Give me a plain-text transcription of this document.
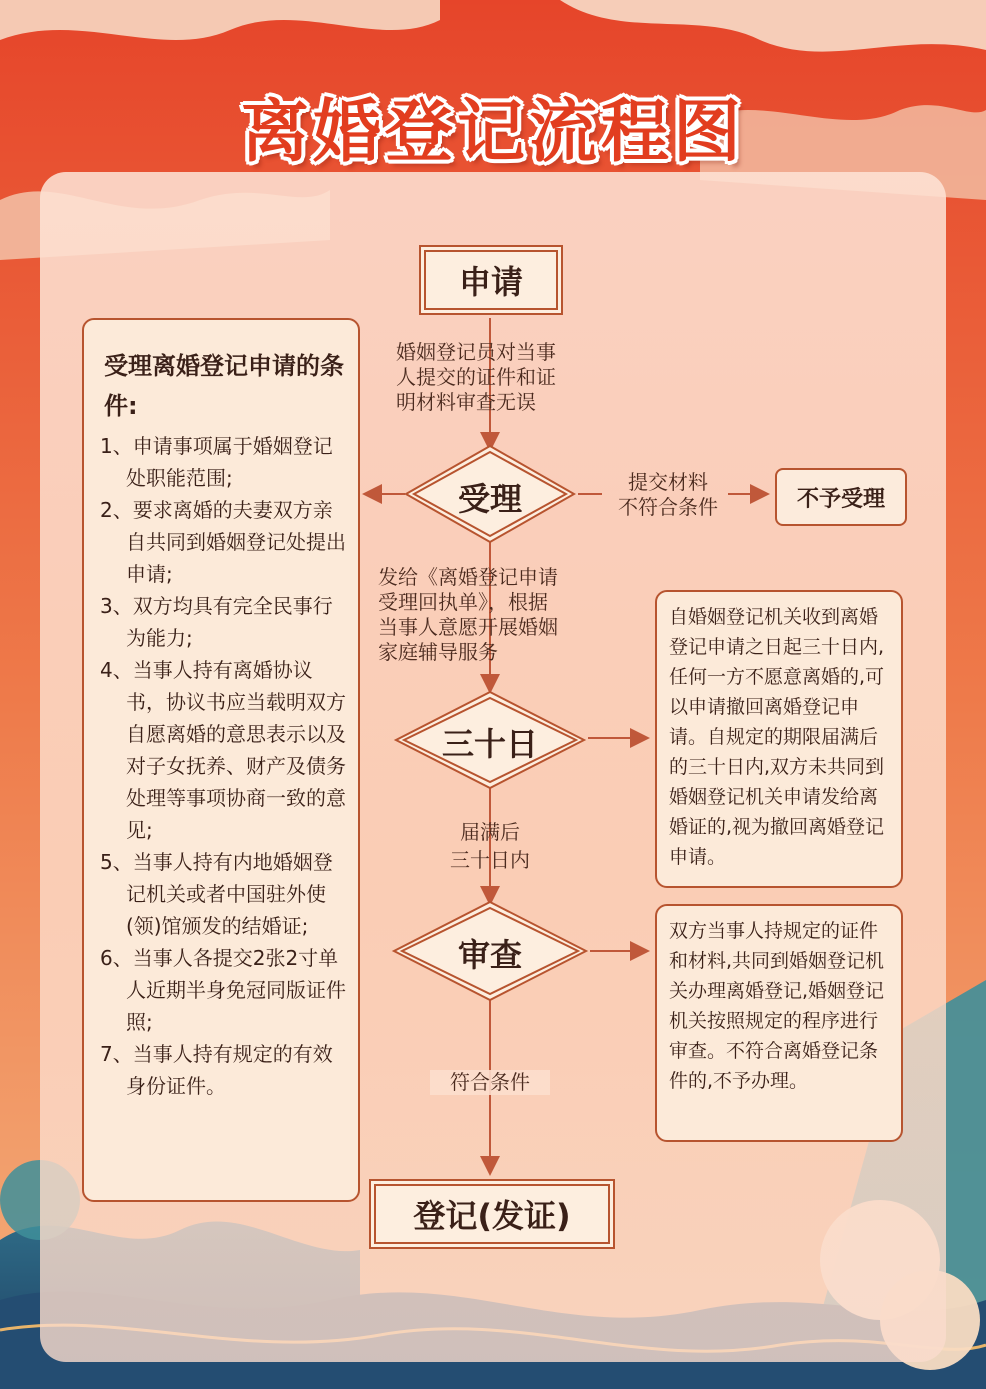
离婚登记流程图
申请
受理
三十日
审查
登记(发证)
不予受理
婚姻登记员对当事
人提交的证件和证
明材料审查无误
提交材料
不符合条件
发给《离婚登记申请
受理回执单》，根据
当事人意愿开展婚姻
家庭辅导服务
届满后
三十日内
符合条件
受理离婚登记申请的条件:
1、申请事项属于婚姻登记处职能范围;
2、要求离婚的夫妻双方亲自共同到婚姻登记处提出申请;
3、双方均具有完全民事行为能力;
4、当事人持有离婚协议书，协议书应当载明双方自愿离婚的意思表示以及对子女抚养、财产及债务处理等事项协商一致的意见;
5、当事人持有内地婚姻登记机关或者中国驻外使(领)馆颁发的结婚证;
6、当事人各提交2张2寸单人近期半身免冠同版证件照;
7、当事人持有规定的有效身份证件。
自婚姻登记机关收到离婚登记申请之日起三十日内,任何一方不愿意离婚的,可以申请撤回离婚登记申请。自规定的期限届满后的三十日内,双方未共同到婚姻登记机关申请发给离婚证的,视为撤回离婚登记申请。
双方当事人持规定的证件和材料,共同到婚姻登记机关办理离婚登记,婚姻登记机关按照规定的程序进行审查。不符合离婚登记条件的,不予办理。
